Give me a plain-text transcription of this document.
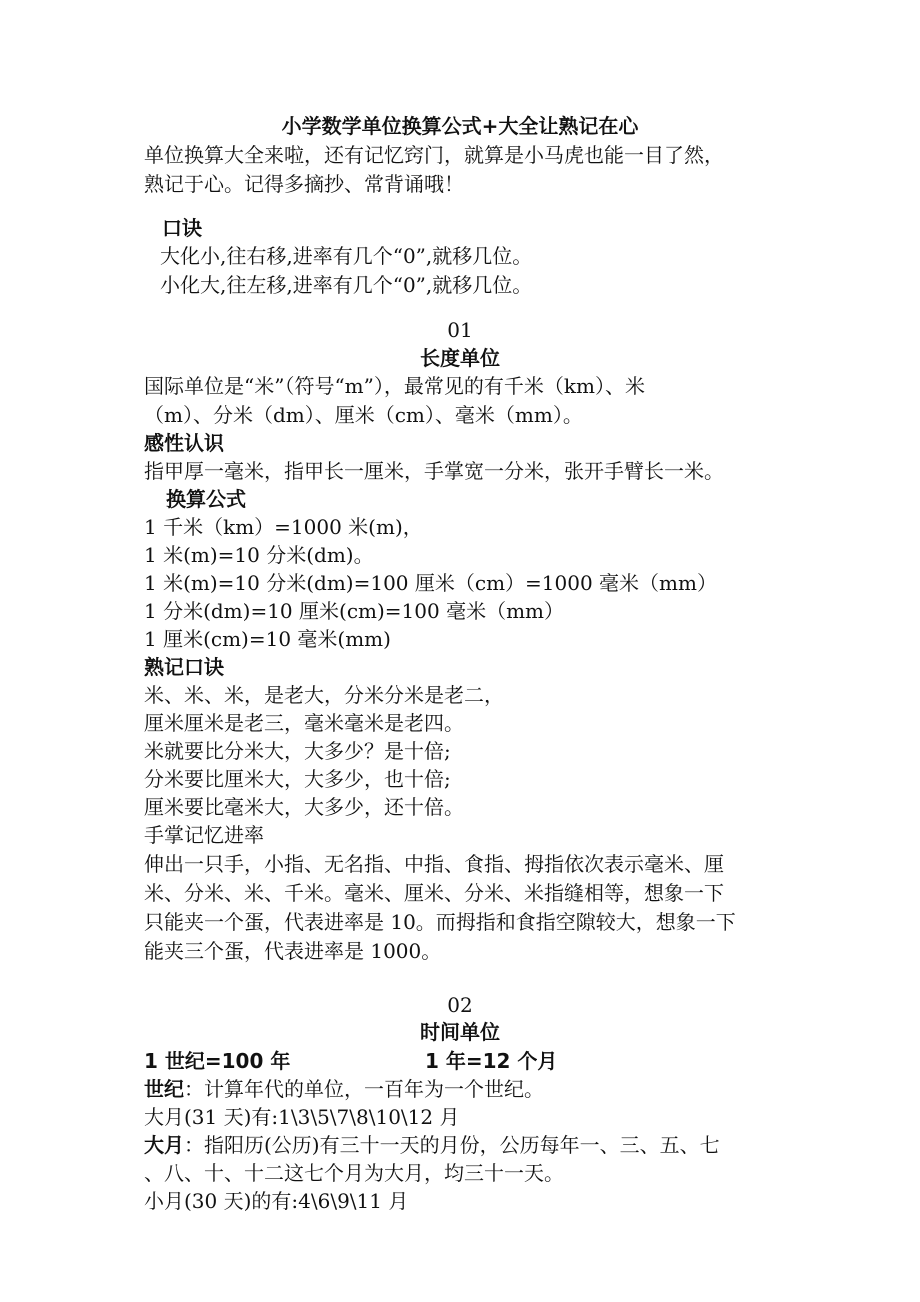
小学数学单位换算公式+大全让熟记在心
单位换算大全来啦，还有记忆窍门，就算是小马虎也能一目了然，
熟记于心。记得多摘抄、常背诵哦！
口诀
大化小,往右移,进率有几个“0”,就移几位。
小化大,往左移,进率有几个“0”,就移几位。
01
长度单位
国际单位是“米”（符号“m”），最常见的有千米（km）、米
（m）、分米（dm）、厘米（cm）、毫米（mm）。
感性认识
指甲厚一毫米，指甲长一厘米，手掌宽一分米，张开手臂长一米。
换算公式
1 千米（km）=1000 米(m)，
1 米(m)=10 分米(dm)。
1 米(m)=10 分米(dm)=100 厘米（cm）=1000 毫米（mm）
1 分米(dm)=10 厘米(cm)=100 毫米（mm）
1 厘米(cm)=10 毫米(mm)
熟记口诀
米、米、米，是老大，分米分米是老二，
厘米厘米是老三，毫米毫米是老四。
米就要比分米大，大多少？是十倍;
分米要比厘米大，大多少，也十倍;
厘米要比毫米大，大多少，还十倍。
手掌记忆进率
伸出一只手，小指、无名指、中指、食指、拇指依次表示毫米、厘
米、分米、米、千米。毫米、厘米、分米、米指缝相等，想象一下
只能夹一个蛋，代表进率是 10。而拇指和食指空隙较大，想象一下
能夹三个蛋，代表进率是 1000。
02
时间单位
1 世纪=100 年	1 年=12 个月
世纪：计算年代的单位，一百年为一个世纪。
大月(31 天)有:1\3\5\7\8\10\12 月
大月：指阳历(公历)有三十一天的月份，公历每年一、三、五、七
、八、十、十二这七个月为大月，均三十一天。
小月(30 天)的有:4\6\9\11 月
